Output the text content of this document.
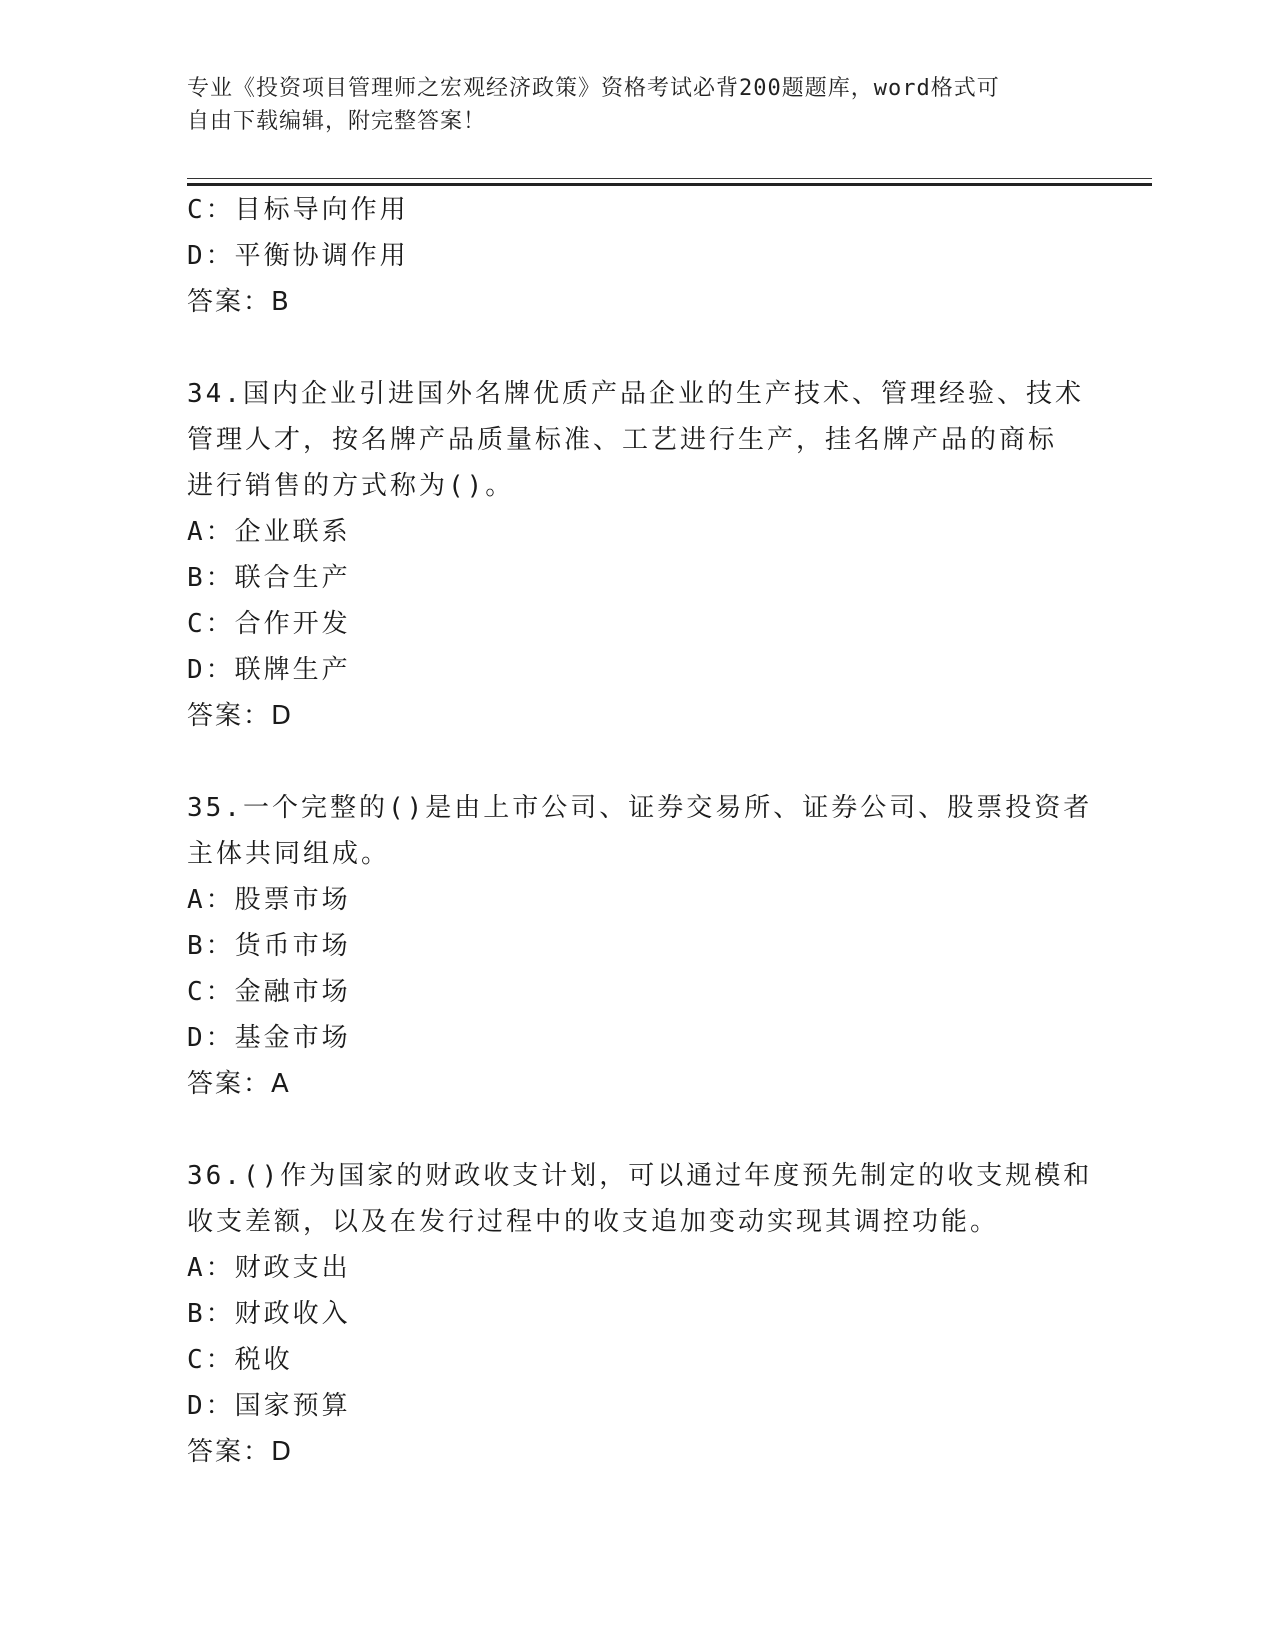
专业《投资项目管理师之宏观经济政策》资格考试必背200题题库，word格式可
自由下载编辑，附完整答案！
C：目标导向作用
D：平衡协调作用
答案：B
34.国内企业引进国外名牌优质产品企业的生产技术、管理经验、技术
管理人才，按名牌产品质量标准、工艺进行生产，挂名牌产品的商标
进行销售的方式称为()。
A：企业联系
B：联合生产
C：合作开发
D：联牌生产
答案：D
35.一个完整的()是由上市公司、证券交易所、证券公司、股票投资者
主体共同组成。
A：股票市场
B：货币市场
C：金融市场
D：基金市场
答案：A
36.()作为国家的财政收支计划，可以通过年度预先制定的收支规模和
收支差额，以及在发行过程中的收支追加变动实现其调控功能。
A：财政支出
B：财政收入
C：税收
D：国家预算
答案：D
